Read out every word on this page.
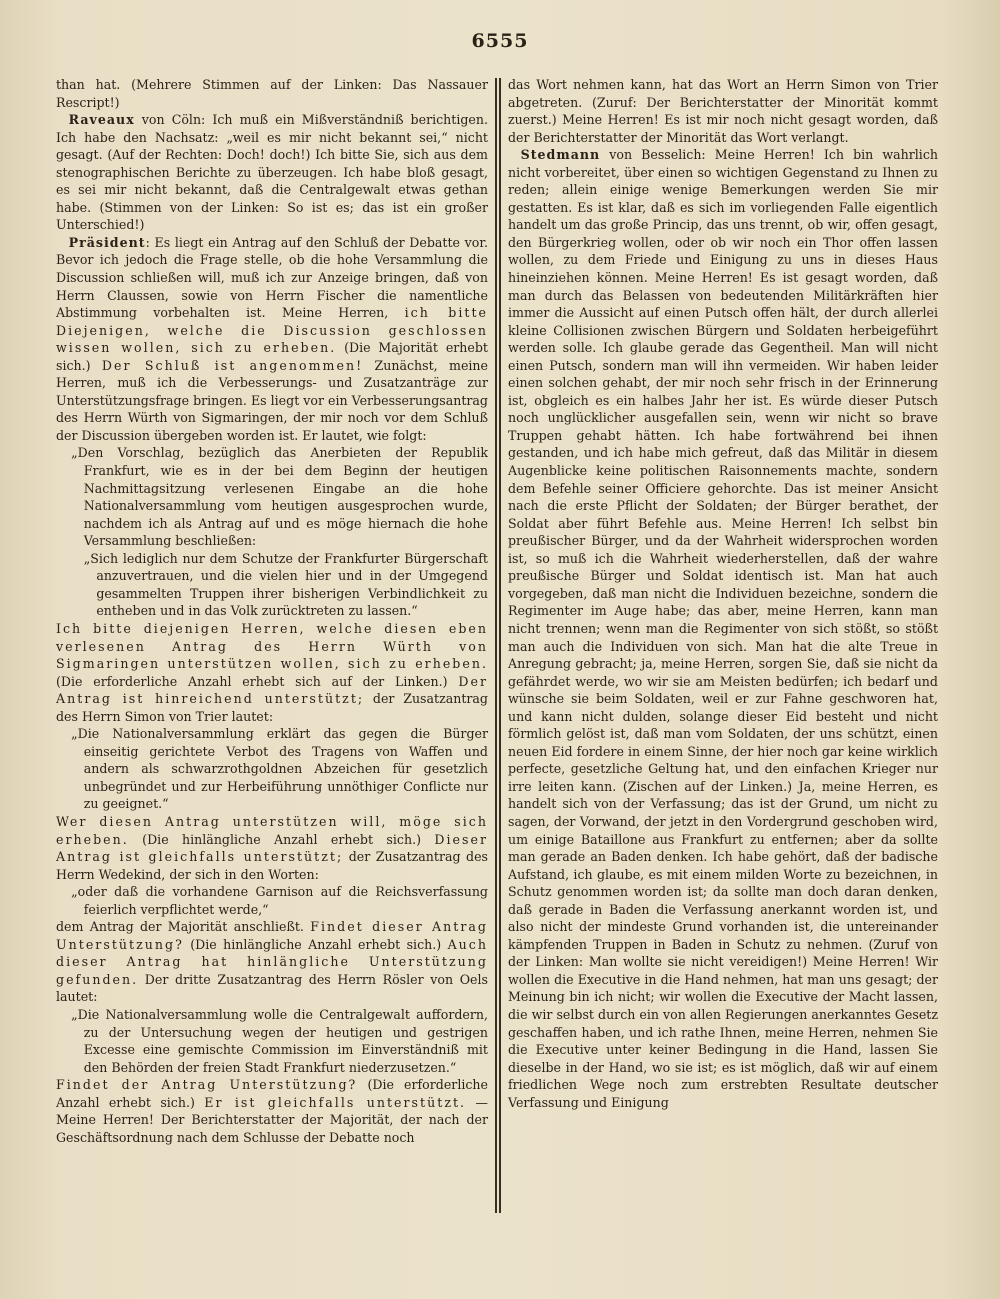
6555

than hat. (Mehrere Stimmen auf der Linken: Das Nassauer Rescript!)

 Raveaux von Cöln: Ich muß ein Mißverständniß berichtigen. Ich habe den Nachsatz: „weil es mir nicht bekannt sei,“ nicht gesagt. (Auf der Rechten: Doch! doch!) Ich bitte Sie, sich aus dem stenographischen Berichte zu überzeugen. Ich habe bloß gesagt, es sei mir nicht bekannt, daß die Centralgewalt etwas gethan habe. (Stimmen von der Linken: So ist es; das ist ein großer Unterschied!)

 Präsident: Es liegt ein Antrag auf den Schluß der Debatte vor. Bevor ich jedoch die Frage stelle, ob die hohe Versammlung die Discussion schließen will, muß ich zur Anzeige bringen, daß von Herrn Claussen, sowie von Herrn Fischer die namentliche Abstimmung vorbehalten ist. Meine Herren, ich bitte Diejenigen, welche die Discussion geschlossen wissen wollen, sich zu erheben. (Die Majorität erhebt sich.) Der Schluß ist angenommen! Zunächst, meine Herren, muß ich die Verbesserungs- und Zusatzanträge zur Unterstützungsfrage bringen. Es liegt vor ein Verbesserungsantrag des Herrn Würth von Sigmaringen, der mir noch vor dem Schluß der Discussion übergeben worden ist. Er lautet, wie folgt:

„Den Vorschlag, bezüglich das Anerbieten der Republik Frankfurt, wie es in der bei dem Beginn der heutigen Nachmittagsitzung verlesenen Eingabe an die hohe Nationalversammlung vom heutigen ausgesprochen wurde, nachdem ich als Antrag auf und es möge hiernach die hohe Versammlung beschließen:

„Sich lediglich nur dem Schutze der Frankfurter Bürgerschaft anzuvertrauen, und die vielen hier und in der Umgegend gesammelten Truppen ihrer bisherigen Verbindlichkeit zu entheben und in das Volk zurücktreten zu lassen.“

Ich bitte diejenigen Herren, welche diesen eben verlesenen Antrag des Herrn Würth von Sigmaringen unterstützen wollen, sich zu erheben. (Die erforderliche Anzahl erhebt sich auf der Linken.) Der Antrag ist hinreichend unterstützt; der Zusatzantrag des Herrn Simon von Trier lautet:

„Die Nationalversammlung erklärt das gegen die Bürger einseitig gerichtete Verbot des Tragens von Waffen und andern als schwarzrothgoldnen Abzeichen für gesetzlich unbegründet und zur Herbeiführung unnöthiger Conflicte nur zu geeignet.“

Wer diesen Antrag unterstützen will, möge sich erheben. (Die hinlängliche Anzahl erhebt sich.) Dieser Antrag ist gleichfalls unterstützt; der Zusatzantrag des Herrn Wedekind, der sich in den Worten:

„oder daß die vorhandene Garnison auf die Reichsverfassung feierlich verpflichtet werde,“

dem Antrag der Majorität anschließt. Findet dieser Antrag Unterstützung? (Die hinlängliche Anzahl erhebt sich.) Auch dieser Antrag hat hinlängliche Unterstützung gefunden. Der dritte Zusatzantrag des Herrn Rösler von Oels lautet:

„Die Nationalversammlung wolle die Centralgewalt auffordern, zu der Untersuchung wegen der heutigen und gestrigen Excesse eine gemischte Commission im Einverständniß mit den Behörden der freien Stadt Frankfurt niederzusetzen.“

Findet der Antrag Unterstützung? (Die erforderliche Anzahl erhebt sich.) Er ist gleichfalls unterstützt. — Meine Herren! Der Berichterstatter der Majorität, der nach der Geschäftsordnung nach dem Schlusse der Debatte noch

das Wort nehmen kann, hat das Wort an Herrn Simon von Trier abgetreten. (Zuruf: Der Berichterstatter der Minorität kommt zuerst.) Meine Herren! Es ist mir noch nicht gesagt worden, daß der Berichterstatter der Minorität das Wort verlangt.

 Stedmann von Besselich: Meine Herren! Ich bin wahrlich nicht vorbereitet, über einen so wichtigen Gegenstand zu Ihnen zu reden; allein einige wenige Bemerkungen werden Sie mir gestatten. Es ist klar, daß es sich im vorliegenden Falle eigentlich handelt um das große Princip, das uns trennt, ob wir, offen gesagt, den Bürgerkrieg wollen, oder ob wir noch ein Thor offen lassen wollen, zu dem Friede und Einigung zu uns in dieses Haus hineinziehen können. Meine Herren! Es ist gesagt worden, daß man durch das Belassen von bedeutenden Militärkräften hier immer die Aussicht auf einen Putsch offen hält, der durch allerlei kleine Collisionen zwischen Bürgern und Soldaten herbeigeführt werden solle. Ich glaube gerade das Gegentheil. Man will nicht einen Putsch, sondern man will ihn vermeiden. Wir haben leider einen solchen gehabt, der mir noch sehr frisch in der Erinnerung ist, obgleich es ein halbes Jahr her ist. Es würde dieser Putsch noch unglücklicher ausgefallen sein, wenn wir nicht so brave Truppen gehabt hätten. Ich habe fortwährend bei ihnen gestanden, und ich habe mich gefreut, daß das Militär in diesem Augenblicke keine politischen Raisonnements machte, sondern dem Befehle seiner Officiere gehorchte. Das ist meiner Ansicht nach die erste Pflicht der Soldaten; der Bürger berathet, der Soldat aber führt Befehle aus. Meine Herren! Ich selbst bin preußischer Bürger, und da der Wahrheit widersprochen worden ist, so muß ich die Wahrheit wiederherstellen, daß der wahre preußische Bürger und Soldat identisch ist. Man hat auch vorgegeben, daß man nicht die Individuen bezeichne, sondern die Regimenter im Auge habe; das aber, meine Herren, kann man nicht trennen; wenn man die Regimenter von sich stößt, so stößt man auch die Individuen von sich. Man hat die alte Treue in Anregung gebracht; ja, meine Herren, sorgen Sie, daß sie nicht da gefährdet werde, wo wir sie am Meisten bedürfen; ich bedarf und wünsche sie beim Soldaten, weil er zur Fahne geschworen hat, und kann nicht dulden, solange dieser Eid besteht und nicht förmlich gelöst ist, daß man vom Soldaten, der uns schützt, einen neuen Eid fordere in einem Sinne, der hier noch gar keine wirklich perfecte, gesetzliche Geltung hat, und den einfachen Krieger nur irre leiten kann. (Zischen auf der Linken.) Ja, meine Herren, es handelt sich von der Verfassung; das ist der Grund, um nicht zu sagen, der Vorwand, der jetzt in den Vordergrund geschoben wird, um einige Bataillone aus Frankfurt zu entfernen; aber da sollte man gerade an Baden denken. Ich habe gehört, daß der badische Aufstand, ich glaube, es mit einem milden Worte zu bezeichnen, in Schutz genommen worden ist; da sollte man doch daran denken, daß gerade in Baden die Verfassung anerkannt worden ist, und also nicht der mindeste Grund vorhanden ist, die untereinander kämpfenden Truppen in Baden in Schutz zu nehmen. (Zuruf von der Linken: Man wollte sie nicht vereidigen!) Meine Herren! Wir wollen die Executive in die Hand nehmen, hat man uns gesagt; der Meinung bin ich nicht; wir wollen die Executive der Macht lassen, die wir selbst durch ein von allen Regierungen anerkanntes Gesetz geschaffen haben, und ich rathe Ihnen, meine Herren, nehmen Sie die Executive unter keiner Bedingung in die Hand, lassen Sie dieselbe in der Hand, wo sie ist; es ist möglich, daß wir auf einem friedlichen Wege noch zum erstrebten Resultate deutscher Verfassung und Einigung
